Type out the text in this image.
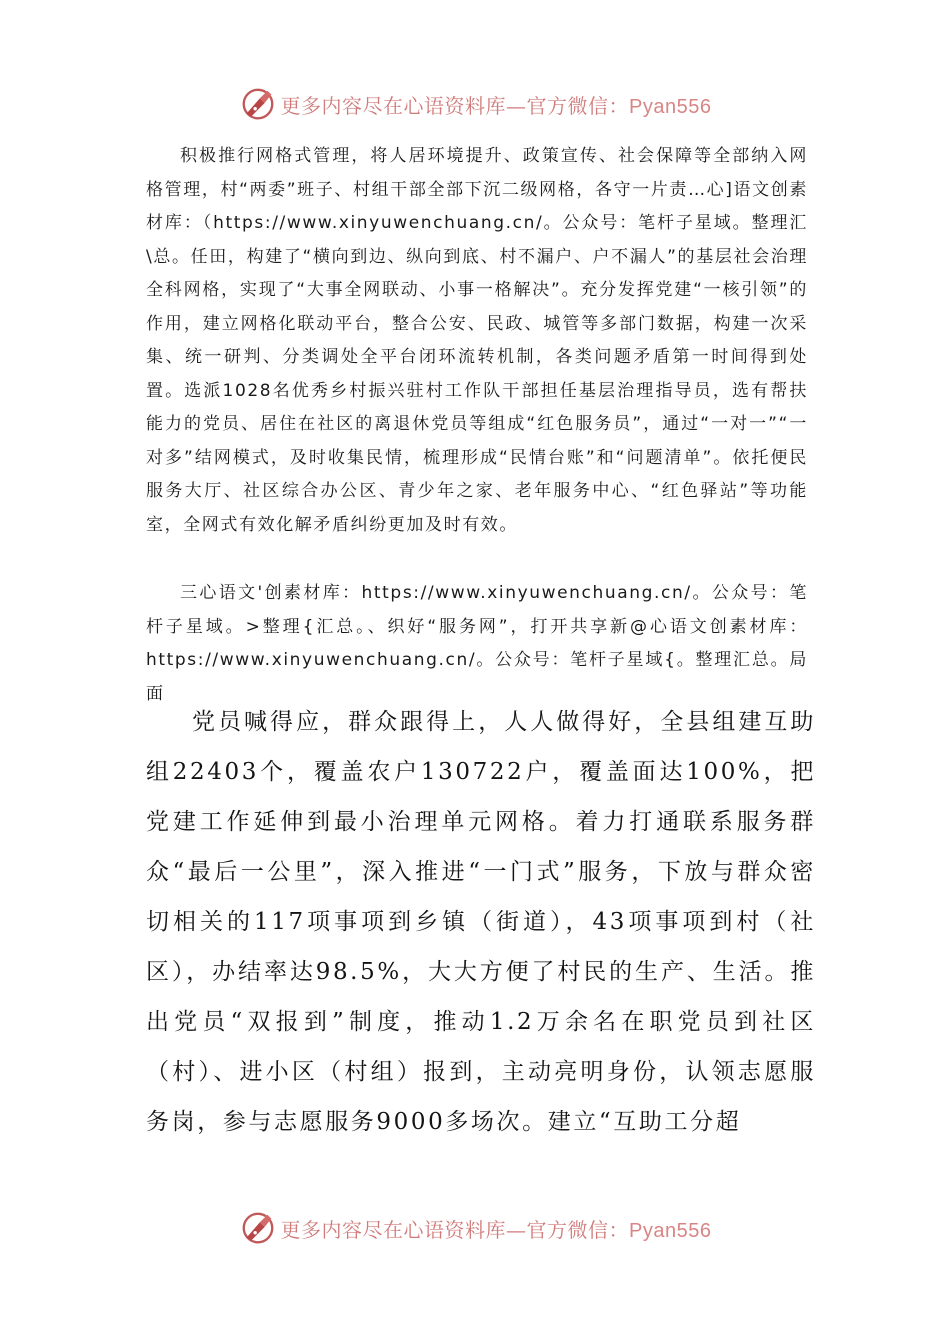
更多内容尽在心语资料库—官方微信：Pyan556

积极推行网格式管理，将人居环境提升、政策宣传、社会保障等全部纳入网格管理，村“两委”班子、村组干部全部下沉二级网格，各守一片责…心]语文创素材库：（https://www.xinyuwenchuang.cn/。公众号：笔杆子星域。整理汇\总。任田，构建了“横向到边、纵向到底、村不漏户、户不漏人”的基层社会治理全科网格，实现了“大事全网联动、小事一格解决”。充分发挥党建“一核引领”的作用，建立网格化联动平台，整合公安、民政、城管等多部门数据，构建一次采集、统一研判、分类调处全平台闭环流转机制，各类问题矛盾第一时间得到处置。选派1028名优秀乡村振兴驻村工作队干部担任基层治理指导员，选有帮扶能力的党员、居住在社区的离退休党员等组成“红色服务员”，通过“一对一”“一对多”结网模式，及时收集民情，梳理形成“民情台账”和“问题清单”。依托便民服务大厅、社区综合办公区、青少年之家、老年服务中心、“红色驿站”等功能室，全网式有效化解矛盾纠纷更加及时有效。

三心语文'创素材库：https://www.xinyuwenchuang.cn/。公众号：笔杆子星域。>整理{汇总。、织好“服务网”，打开共享新@心语文创素材库：https://www.xinyuwenchuang.cn/。公众号：笔杆子星域{。整理汇总。局面

党员喊得应，群众跟得上，人人做得好，全县组建互助组22403个，覆盖农户130722户，覆盖面达100%，把党建工作延伸到最小治理单元网格。着力打通联系服务群众“最后一公里”，深入推进“一门式”服务，下放与群众密切相关的117项事项到乡镇（街道），43项事项到村（社区），办结率达98.5%，大大方便了村民的生产、生活。推出党员“双报到”制度，推动1.2万余名在职党员到社区（村）、进小区（村组）报到，主动亮明身份，认领志愿服务岗，参与志愿服务9000多场次。建立“互助工分超

更多内容尽在心语资料库—官方微信：Pyan556
